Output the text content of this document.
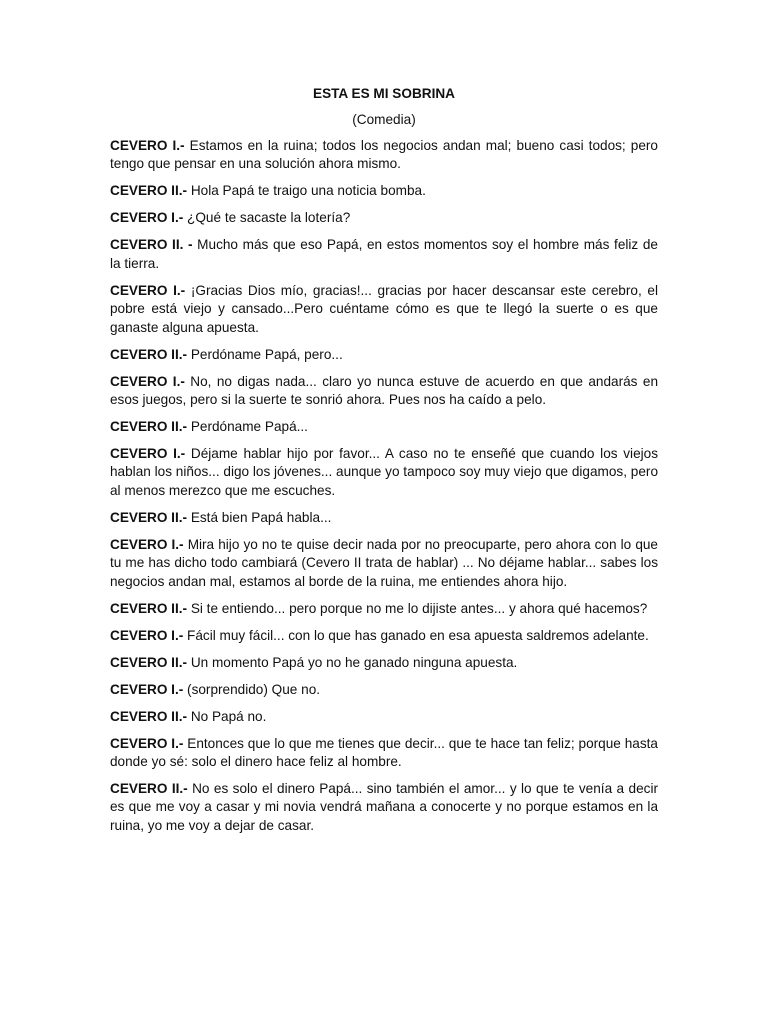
ESTA ES MI SOBRINA
(Comedia)

CEVERO I.- Estamos en la ruina; todos los negocios andan mal; bueno casi todos; pero tengo que pensar en una solución ahora mismo.

CEVERO II.- Hola Papá te traigo una noticia bomba.

CEVERO I.- ¿Qué te sacaste la lotería?

CEVERO II. - Mucho más que eso Papá, en estos momentos soy el hombre más feliz de la tierra.

CEVERO I.- ¡Gracias Dios mío, gracias!... gracias por hacer descansar este cerebro, el pobre está viejo y cansado...Pero cuéntame cómo es que te llegó la suerte o es que ganaste alguna apuesta.

CEVERO II.- Perdóname Papá, pero...

CEVERO I.- No, no digas nada... claro yo nunca estuve de acuerdo en que andarás en esos juegos, pero si la suerte te sonrió ahora. Pues nos ha caído a pelo.

CEVERO II.- Perdóname Papá...

CEVERO I.- Déjame hablar hijo por favor... A caso no te enseñé que cuando los viejos hablan los niños... digo los jóvenes... aunque yo tampoco soy muy viejo que digamos, pero al menos merezco que me escuches.

CEVERO II.- Está bien Papá habla...

CEVERO I.- Mira hijo yo no te quise decir nada por no preocuparte, pero ahora con lo que tu me has dicho todo cambiará (Cevero II trata de hablar) ... No déjame hablar... sabes los negocios andan mal, estamos al borde de la ruina, me entiendes ahora hijo.

CEVERO II.- Si te entiendo... pero porque no me lo dijiste antes... y ahora qué hacemos?

CEVERO I.- Fácil muy fácil... con lo que has ganado en esa apuesta saldremos adelante.

CEVERO II.- Un momento Papá yo no he ganado ninguna apuesta.

CEVERO I.- (sorprendido) Que no.

CEVERO II.- No Papá no.

CEVERO I.- Entonces que lo que me tienes que decir... que te hace tan feliz; porque hasta donde yo sé: solo el dinero hace feliz al hombre.

CEVERO II.- No es solo el dinero Papá... sino también el amor... y lo que te venía a decir es que me voy a casar y mi novia vendrá mañana a conocerte y no porque estamos en la ruina, yo me voy a dejar de casar.
